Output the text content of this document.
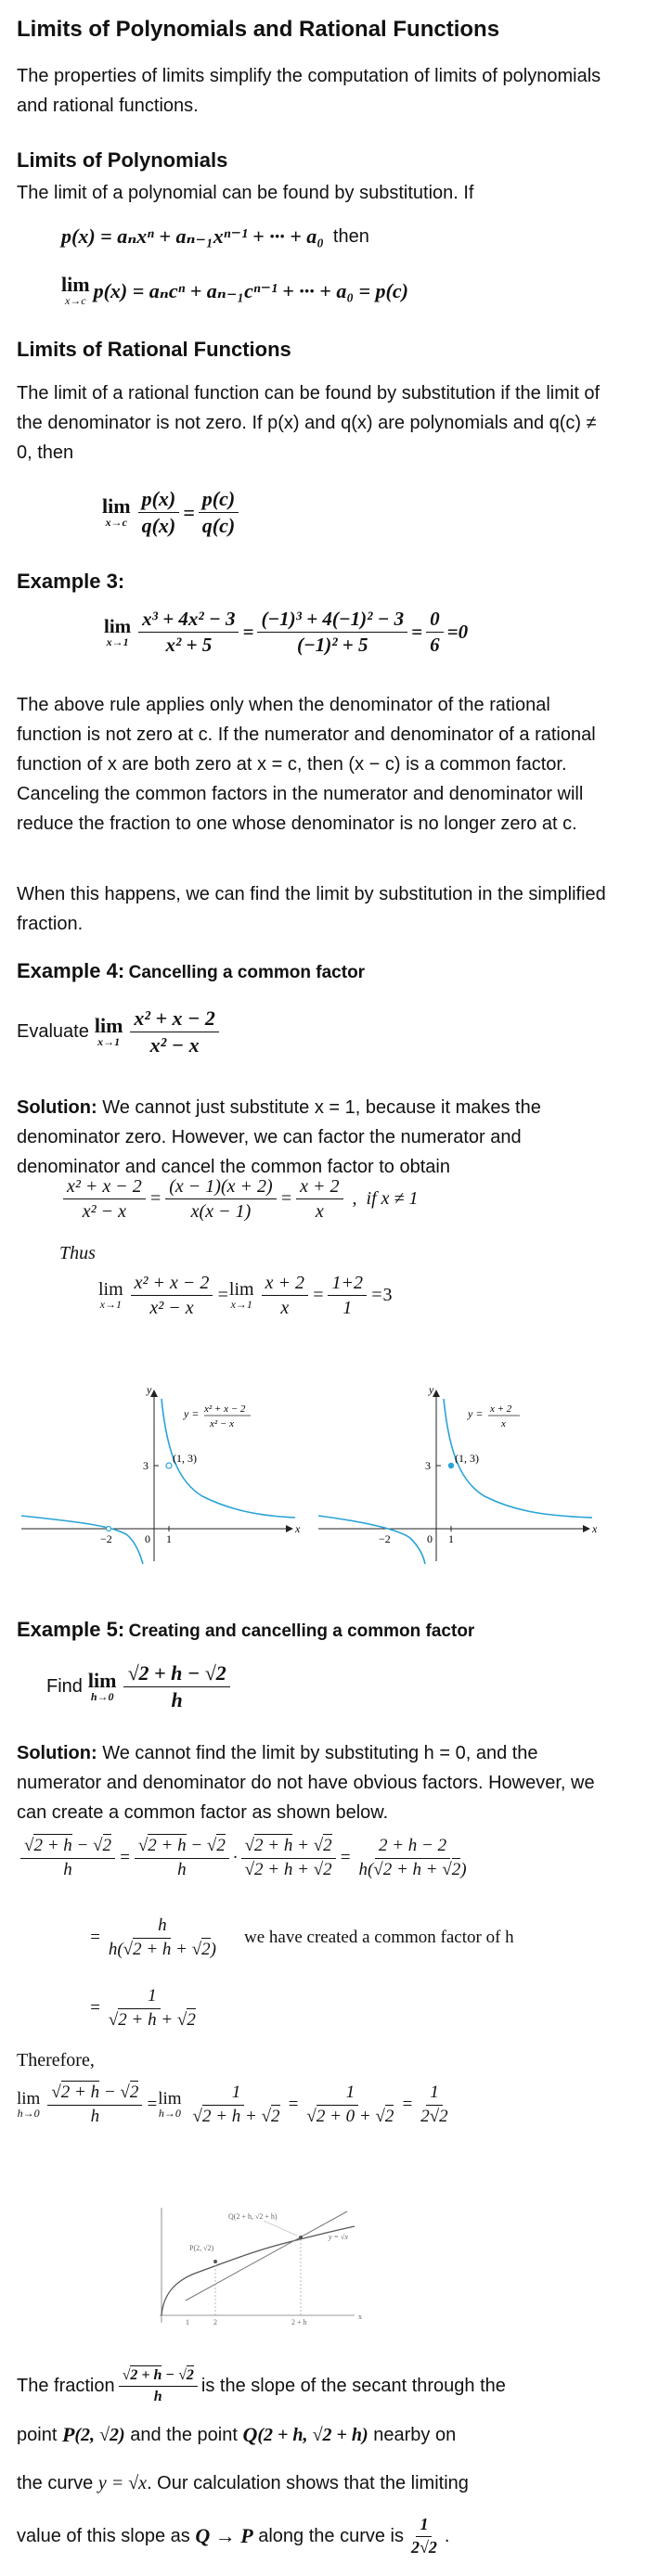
Limits of Polynomials and Rational Functions

The properties of limits simplify the computation of limits of polynomials and rational functions.

Limits of Polynomials

The limit of a polynomial can be found by substitution. If

p(x) = aₙxⁿ + aₙ₋₁xⁿ⁻¹ + ··· + a₀ then
lim
x→c p(x) = aₙcⁿ + aₙ₋₁cⁿ⁻¹ + ··· + a₀ = p(c)
Limits of Rational Functions

The limit of a rational function can be found by substitution if the limit of the denominator is not zero. If p(x) and q(x) are polynomials and q(c) ≠ 0, then

lim
$x\to c \frac{p(x)}{q(x)} = \frac{p(c)}{q(c)}$
Example 3:
lim
$x\to 1 \frac{\text{x³ + 4x² − 3}}{\text{x² + 5}} = \frac{\text{(−1)³ + 4(−1)² − 3}}{\text{(−1)² + 5}} = \frac{0}{6} = 0$

The above rule applies only when the denominator of the rational function is not zero at c. If the numerator and denominator of a rational function of x are both zero at x = c, then (x − c) is a common factor. Canceling the common factors in the numerator and denominator will reduce the fraction to one whose denominator is no longer zero at c.

When this happens, we can find the limit by substitution in the simplified fraction.

Example 4: Cancelling a common factor
Evaluate lim
$x\to 1 \frac{\text{x² + x − 2}}{\text{x² − x}}$

Solution: We cannot just substitute x = 1, because it makes the denominator zero. However, we can factor the numerator and denominator and cancel the common factor to obtain

$\frac{\text{x² + x − 2}}{\text{x² − x}} = \frac{(x - 1)(x + 2)}{x(x - 1)} = \frac{x + 2}{x}$ , if x ≠ 1
Thus
lim
$x\to 1 \frac{\text{x² + x − 2}}{\text{x² − x}} = \lim$
$x\to 1 \frac{x + 2}{x} = \frac{1+2}{1} = 3$
y
x
3
0 1
−2
(1, 3)
y = x² + x − 2
x² − x
y
x
3
0 1
−2
(1, 3)
y = x + 2
x
Example 5: Creating and cancelling a common factor
Find lim
$h\to 0 \frac{√2 + h - √2}{h}$

Solution: We cannot find the limit by substituting h = 0, and the numerator and denominator do not have obvious factors. However, we can create a common factor as shown below.

$\frac{√2 + h - √2}{h} = \frac{√2 + h - √2}{h} \cdot \frac{√2 + h + √2}{√2 + h + √2} = \frac{2 + h - 2}{h(√2 + h + √2)}$
= $\frac{h}{h(√2 + h + √2)}$ we have created a common factor of h
= $\frac{1}{√2 + h + √2}$
Therefore,
lim
$h\to 0 \frac{√2 + h - √2}{h} = \lim$
$h\to 0 \frac{1}{√2 + h + √2} = \frac{1}{√2 + 0 + √2} = \frac{1}{2√2}$
x
Q(2 + h, √2 + h)
P(2, √2)
y = √x
1	2	2 + h
The fraction $\frac{√2 + h - √2}{h}$ is the slope of the secant through the
point
P (2, √2)
and the point
Q (2 + h, √2 + h)
nearby on
the curve
y = √x . Our calculation shows that the limiting
value of this slope as
Q → P
along the curve is $\frac{1}{2√2}$ .
